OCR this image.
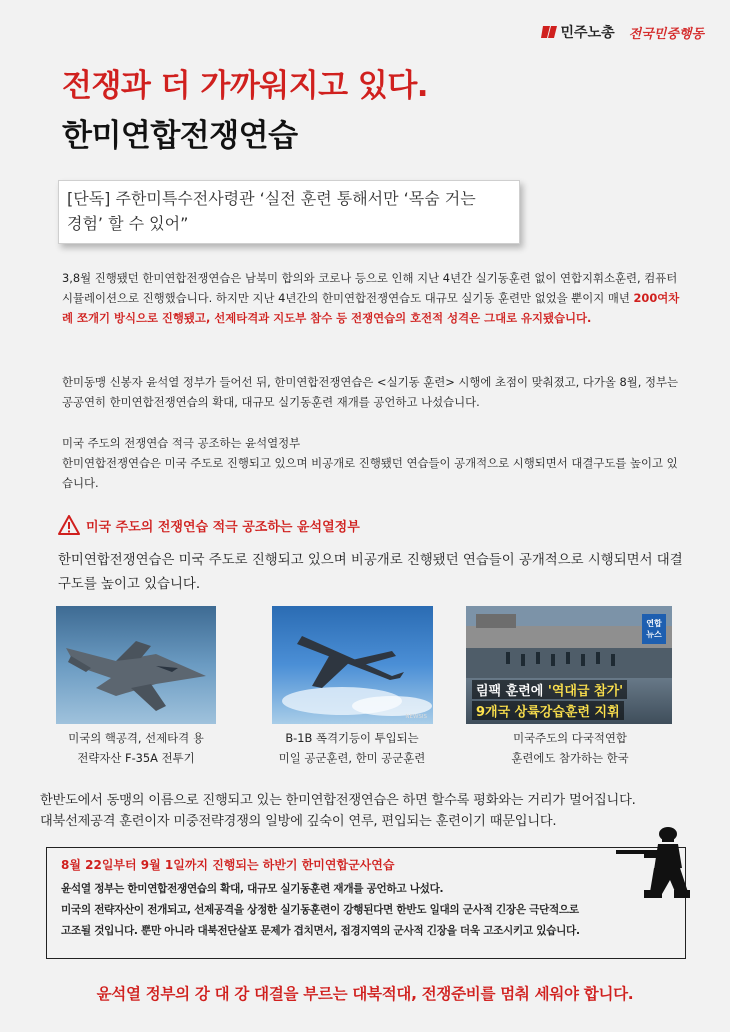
민주노총 전국민중행동
전쟁과 더 가까워지고 있다.
한미연합전쟁연습
[단독] 주한미특수전사령관 ‘실전 훈련 통해서만 ‘목숨 거는
경험’ 할 수 있어”

3,8월 진행됐던 한미연합전쟁연습은 남북미 합의와 코로나 등으로 인해 지난 4년간 실기동훈련 없이 연합지휘소훈련, 컴퓨터시뮬레이션으로 진행했습니다. 하지만 지난 4년간의 한미연합전쟁연습도 대규모 실기동 훈련만 없었을 뿐이지 매년 200여차례 쪼개기 방식으로 진행됐고, 선제타격과 지도부 참수 등 전쟁연습의 호전적 성격은 그대로 유지됐습니다.

한미동맹 신봉자 윤석열 정부가 들어선 뒤, 한미연합전쟁연습은 <실기동 훈련> 시행에 초점이 맞춰졌고, 다가올 8월, 정부는 공공연히 한미연합전쟁연습의 확대, 대규모 실기동훈련 재개를 공언하고 나섰습니다.

미국 주도의 전쟁연습 적극 공조하는 윤석열정부
한미연합전쟁연습은 미국 주도로 진행되고 있으며 비공개로 진행됐던 연습들이 공개적으로 시행되면서 대결구도를 높이고 있습니다.
미국 주도의 전쟁연습 적극 공조하는 윤석열정부

한미연합전쟁연습은 미국 주도로 진행되고 있으며 비공개로 진행됐던 연습들이 공개적으로 시행되면서 대결구도를 높이고 있습니다.

NEWSIS
연합
뉴스
림팩 훈련에 '역대급 참가'
9개국 상륙강습훈련 지휘
미국의 핵공격, 선제타격 용
전략자산 F-35A 전투기
B-1B 폭격기등이 투입되는
미일 공군훈련, 한미 공군훈련
미국주도의 다국적연합
훈련에도 참가하는 한국
한반도에서 동맹의 이름으로 진행되고 있는 한미연합전쟁연습은 하면 할수록 평화와는 거리가 멀어집니다.
대북선제공격 훈련이자 미중전략경쟁의 일방에 깊숙이 연루, 편입되는 훈련이기 때문입니다.
8월 22일부터 9월 1일까지 진행되는 하반기 한미연합군사연습
윤석열 정부는 한미연합전쟁연습의 확대, 대규모 실기동훈련 재개를 공언하고 나섰다.
미국의 전략자산이 전개되고, 선제공격을 상정한 실기동훈련이 강행된다면 한반도 일대의 군사적 긴장은 극단적으로
고조될 것입니다. 뿐만 아니라 대북전단살포 문제가 겹치면서, 접경지역의 군사적 긴장을 더욱 고조시키고 있습니다.
윤석열 정부의 강 대 강 대결을 부르는 대북적대, 전쟁준비를 멈춰 세워야 합니다.
